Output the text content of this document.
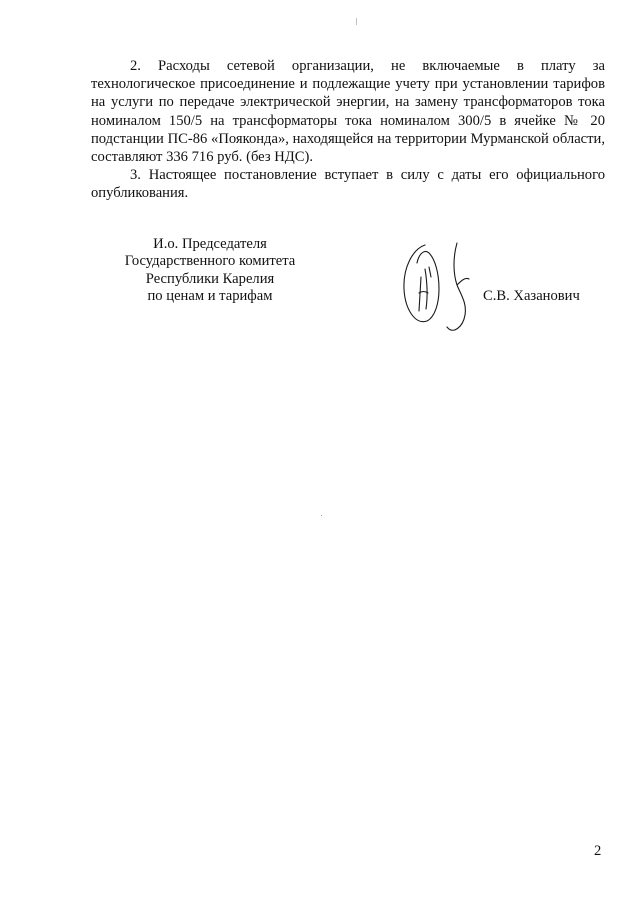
2. Расходы сетевой организации, не включаемые в плату за технологическое присоединение и подлежащие учету при установлении тарифов на услуги по передаче электрической энергии, на замену трансформаторов тока номиналом 150/5 на трансформаторы тока номиналом 300/5 в ячейке № 20 подстанции ПС-86 «Пояконда», находящейся на территории Мурманской области, составляют 336 716 руб. (без НДС).

3. Настоящее постановление вступает в силу с даты его официального опубликования.

И.о. Председателя
Государственного комитета
Республики Карелия
по ценам и тарифам	С.В. Хазанович
2
